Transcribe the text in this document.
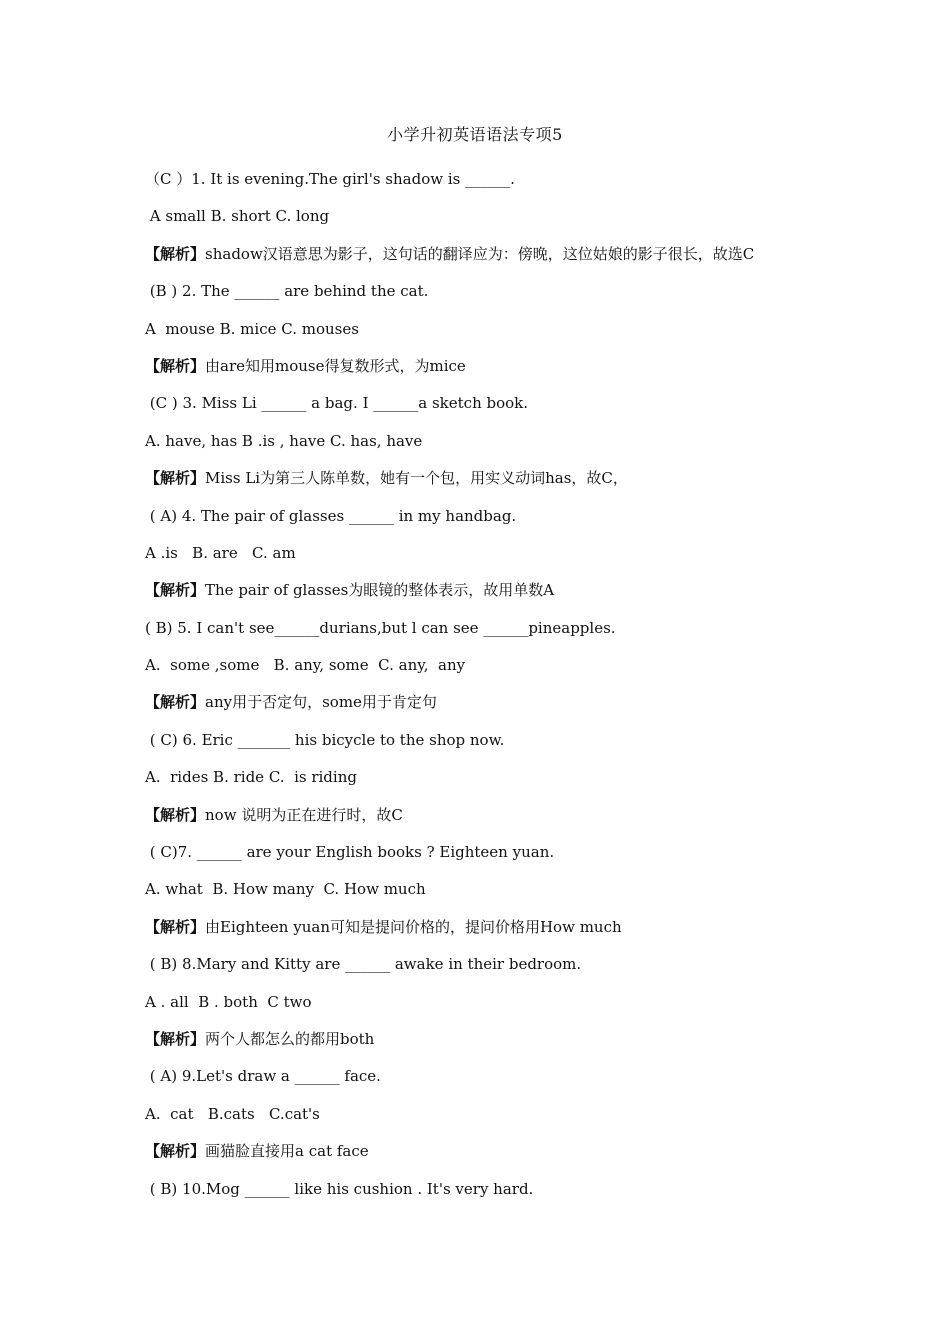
小学升初英语语法专项5
（C ）1. It is evening.The girl's shadow is ______.
A small B. short C. long
【解析】shadow汉语意思为影子，这句话的翻译应为：傍晚，这位姑娘的影子很长，故选C
(B ) 2. The ______ are behind the cat.
A  mouse B. mice C. mouses
【解析】由are知用mouse得复数形式，为mice
(C ) 3. Miss Li ______ a bag. I ______a sketch book.
A. have, has B .is , have C. has, have
【解析】Miss Li为第三人陈单数，她有一个包，用实义动词has，故C，
( A) 4. The pair of glasses ______ in my handbag.
A .is   B. are   C. am
【解析】The pair of glasses为眼镜的整体表示，故用单数A
( B) 5. I can't see______durians,but l can see ______pineapples.
A.  some ,some   B. any, some  C. any,  any
【解析】any用于否定句，some用于肯定句
( C) 6. Eric _______ his bicycle to the shop now.
A.  rides B. ride C.  is riding
【解析】now 说明为正在进行时，故C
( C)7. ______ are your English books ? Eighteen yuan.
A. what  B. How many  C. How much
【解析】由Eighteen yuan可知是提问价格的，提问价格用How much
( B) 8.Mary and Kitty are ______ awake in their bedroom.
A . all  B . both  C two
【解析】两个人都怎么的都用both
( A) 9.Let's draw a ______ face.
A.  cat   B.cats   C.cat's
【解析】画猫脸直接用a cat face
( B) 10.Mog ______ like his cushion . It's very hard.
